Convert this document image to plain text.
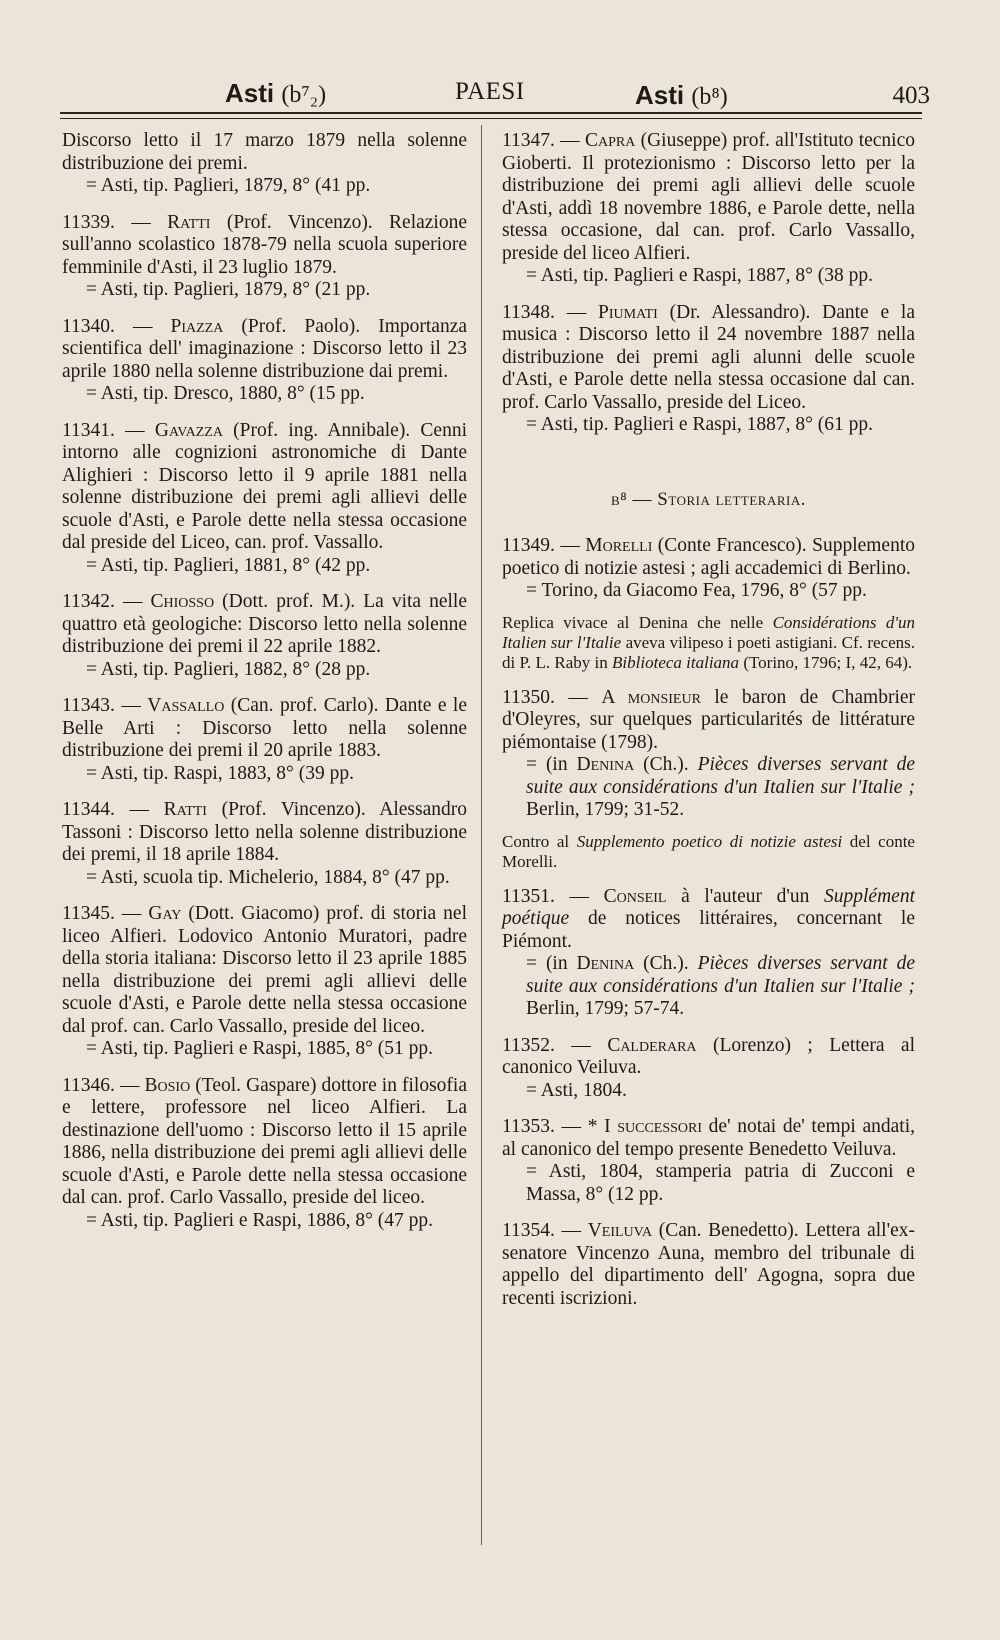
Asti (b⁷₂)	PAESI	Asti (b⁸)	403

Discorso letto il 17 marzo 1879 nella solenne distribuzione dei premi.

= Asti, tip. Paglieri, 1879, 8° (41 pp.

11339. — Ratti (Prof. Vincenzo). Relazione sull'anno scolastico 1878-79 nella scuola superiore femminile d'Asti, il 23 luglio 1879.

= Asti, tip. Paglieri, 1879, 8° (21 pp.

11340. — Piazza (Prof. Paolo). Importanza scientifica dell' imaginazione : Discorso letto il 23 aprile 1880 nella solenne distribuzione dai premi.

= Asti, tip. Dresco, 1880, 8° (15 pp.

11341. — Gavazza (Prof. ing. Annibale). Cenni intorno alle cognizioni astronomiche di Dante Alighieri : Discorso letto il 9 aprile 1881 nella solenne distribuzione dei premi agli allievi delle scuole d'Asti, e Parole dette nella stessa occasione dal preside del Liceo, can. prof. Vassallo.

= Asti, tip. Paglieri, 1881, 8° (42 pp.

11342. — Chiosso (Dott. prof. M.). La vita nelle quattro età geologiche: Discorso letto nella solenne distribuzione dei premi il 22 aprile 1882.

= Asti, tip. Paglieri, 1882, 8° (28 pp.

11343. — Vassallo (Can. prof. Carlo). Dante e le Belle Arti : Discorso letto nella solenne distribuzione dei premi il 20 aprile 1883.

= Asti, tip. Raspi, 1883, 8° (39 pp.

11344. — Ratti (Prof. Vincenzo). Alessandro Tassoni : Discorso letto nella solenne distribuzione dei premi, il 18 aprile 1884.

= Asti, scuola tip. Michelerio, 1884, 8° (47 pp.

11345. — Gay (Dott. Giacomo) prof. di storia nel liceo Alfieri. Lodovico Antonio Muratori, padre della storia italiana: Discorso letto il 23 aprile 1885 nella distribuzione dei premi agli allievi delle scuole d'Asti, e Parole dette nella stessa occasione dal prof. can. Carlo Vassallo, preside del liceo.

= Asti, tip. Paglieri e Raspi, 1885, 8° (51 pp.

11346. — Bosio (Teol. Gaspare) dottore in filosofia e lettere, professore nel liceo Alfieri. La destinazione dell'uomo : Discorso letto il 15 aprile 1886, nella distribuzione dei premi agli allievi delle scuole d'Asti, e Parole dette nella stessa occasione dal can. prof. Carlo Vassallo, preside del liceo.

= Asti, tip. Paglieri e Raspi, 1886, 8° (47 pp.

11347. — Capra (Giuseppe) prof. all'Istituto tecnico Gioberti. Il protezionismo : Discorso letto per la distribuzione dei premi agli allievi delle scuole d'Asti, addì 18 novembre 1886, e Parole dette, nella stessa occasione, dal can. prof. Carlo Vassallo, preside del liceo Alfieri.

= Asti, tip. Paglieri e Raspi, 1887, 8° (38 pp.

11348. — Piumati (Dr. Alessandro). Dante e la musica : Discorso letto il 24 novembre 1887 nella distribuzione dei premi agli alunni delle scuole d'Asti, e Parole dette nella stessa occasione dal can. prof. Carlo Vassallo, preside del Liceo.

= Asti, tip. Paglieri e Raspi, 1887, 8° (61 pp.

b⁸ — Storia letteraria.

11349. — Morelli (Conte Francesco). Supplemento poetico di notizie astesi ; agli accademici di Berlino.

= Torino, da Giacomo Fea, 1796, 8° (57 pp.

Replica vivace al Denina che nelle Considérations d'un Italien sur l'Italie aveva vilipeso i poeti astigiani. Cf. recens. di P. L. Raby in Biblioteca italiana (Torino, 1796; I, 42, 64).

11350. — A monsieur le baron de Chambrier d'Oleyres, sur quelques particularités de littérature piémontaise (1798).

= (in Denina (Ch.). Pièces diverses servant de suite aux considérations d'un Italien sur l'Italie ; Berlin, 1799; 31-52.

Contro al Supplemento poetico di notizie astesi del conte Morelli.

11351. — Conseil à l'auteur d'un Supplément poétique de notices littéraires, concernant le Piémont.

= (in Denina (Ch.). Pièces diverses servant de suite aux considérations d'un Italien sur l'Italie ; Berlin, 1799; 57-74.

11352. — Calderara (Lorenzo) ; Lettera al canonico Veiluva.

= Asti, 1804.

11353. — * I successori de' notai de' tempi andati, al canonico del tempo presente Benedetto Veiluva.

= Asti, 1804, stamperia patria di Zucconi e Massa, 8° (12 pp.

11354. — Veiluva (Can. Benedetto). Lettera all'ex-senatore Vincenzo Auna, membro del tribunale di appello del dipartimento dell' Agogna, sopra due recenti iscrizioni.
